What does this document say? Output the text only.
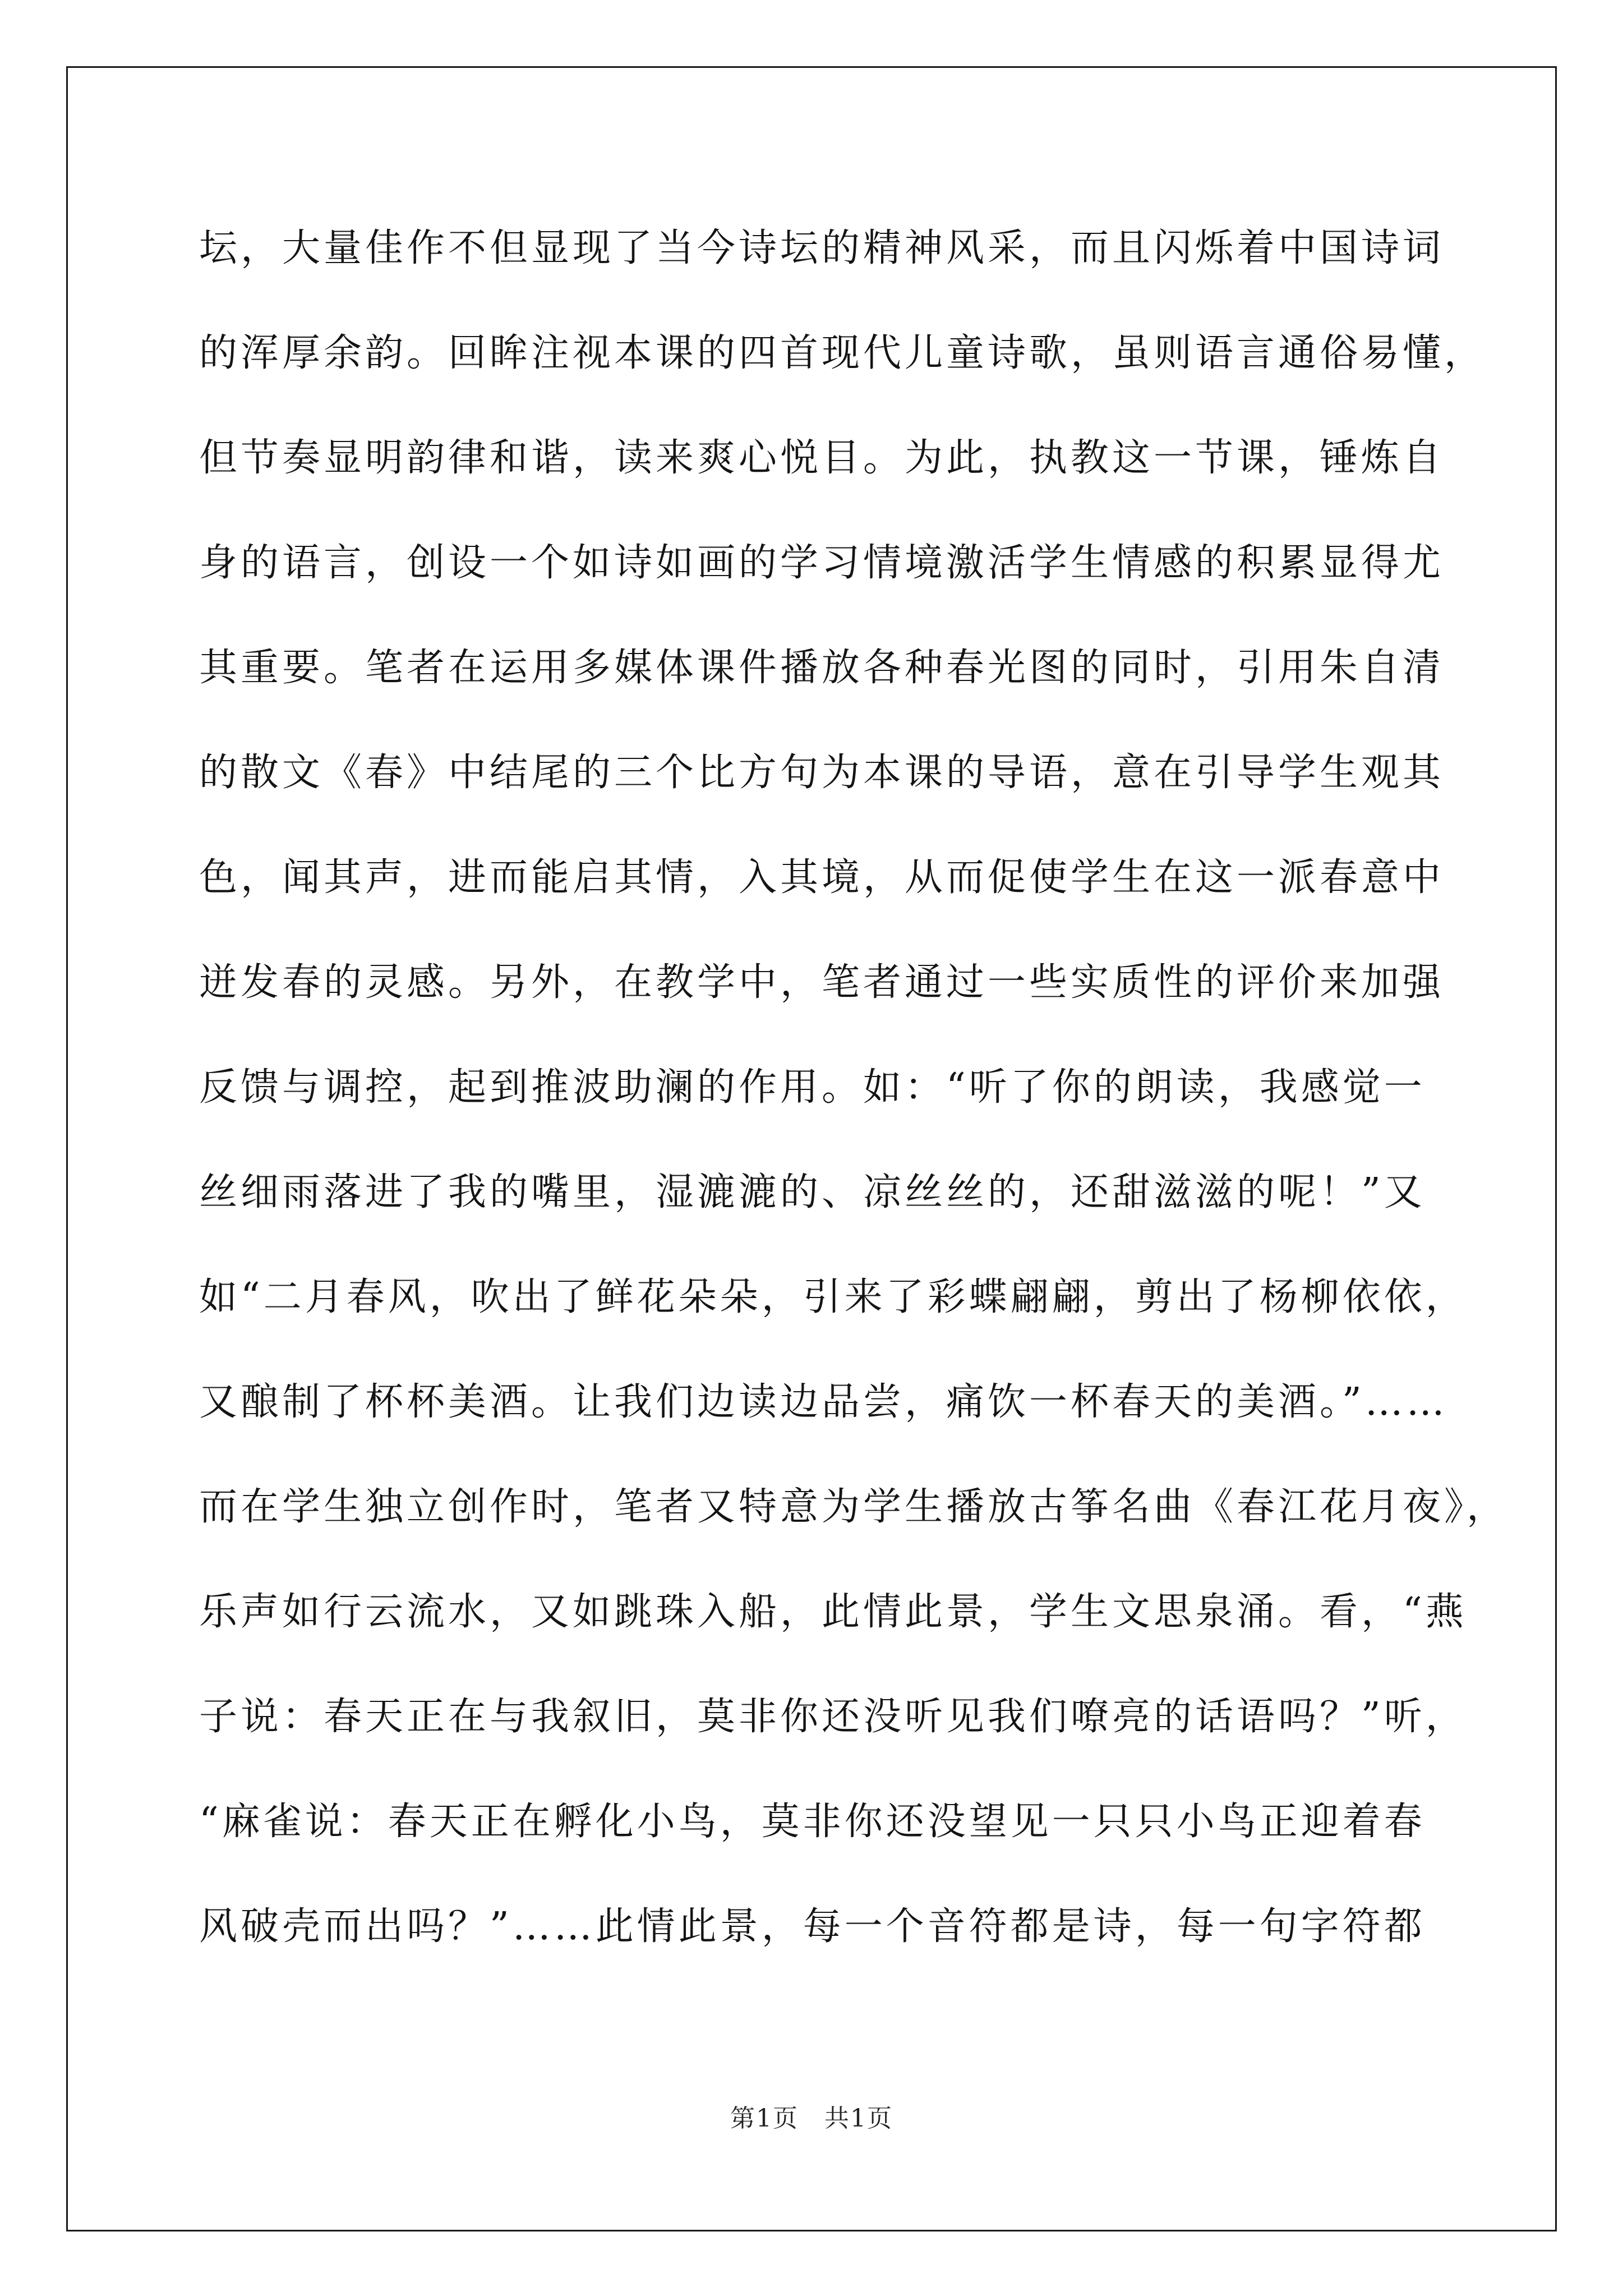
坛，大量佳作不但显现了当今诗坛的精神风采，而且闪烁着中国诗词
的浑厚余韵。回眸注视本课的四首现代儿童诗歌，虽则语言通俗易懂，
但节奏显明韵律和谐，读来爽心悦目。为此，执教这一节课，锤炼自
身的语言，创设一个如诗如画的学习情境激活学生情感的积累显得尤
其重要。笔者在运用多媒体课件播放各种春光图的同时，引用朱自清
的散文《春》中结尾的三个比方句为本课的导语，意在引导学生观其
色，闻其声，进而能启其情，入其境，从而促使学生在这一派春意中
迸发春的灵感。另外，在教学中，笔者通过一些实质性的评价来加强
反馈与调控，起到推波助澜的作用。如：“听了你的朗读，我感觉一
丝细雨落进了我的嘴里，湿漉漉的、凉丝丝的，还甜滋滋的呢！”又
如“二月春风，吹出了鲜花朵朵，引来了彩蝶翩翩，剪出了杨柳依依，
又酿制了杯杯美酒。让我们边读边品尝，痛饮一杯春天的美酒。”……
而在学生独立创作时，笔者又特意为学生播放古筝名曲《春江花月夜》，
乐声如行云流水，又如跳珠入船，此情此景，学生文思泉涌。看，“燕
子说：春天正在与我叙旧，莫非你还没听见我们嘹亮的话语吗？”听，
“麻雀说：春天正在孵化小鸟，莫非你还没望见一只只小鸟正迎着春
风破壳而出吗？”……此情此景，每一个音符都是诗，每一句字符都
第1页　共1页
